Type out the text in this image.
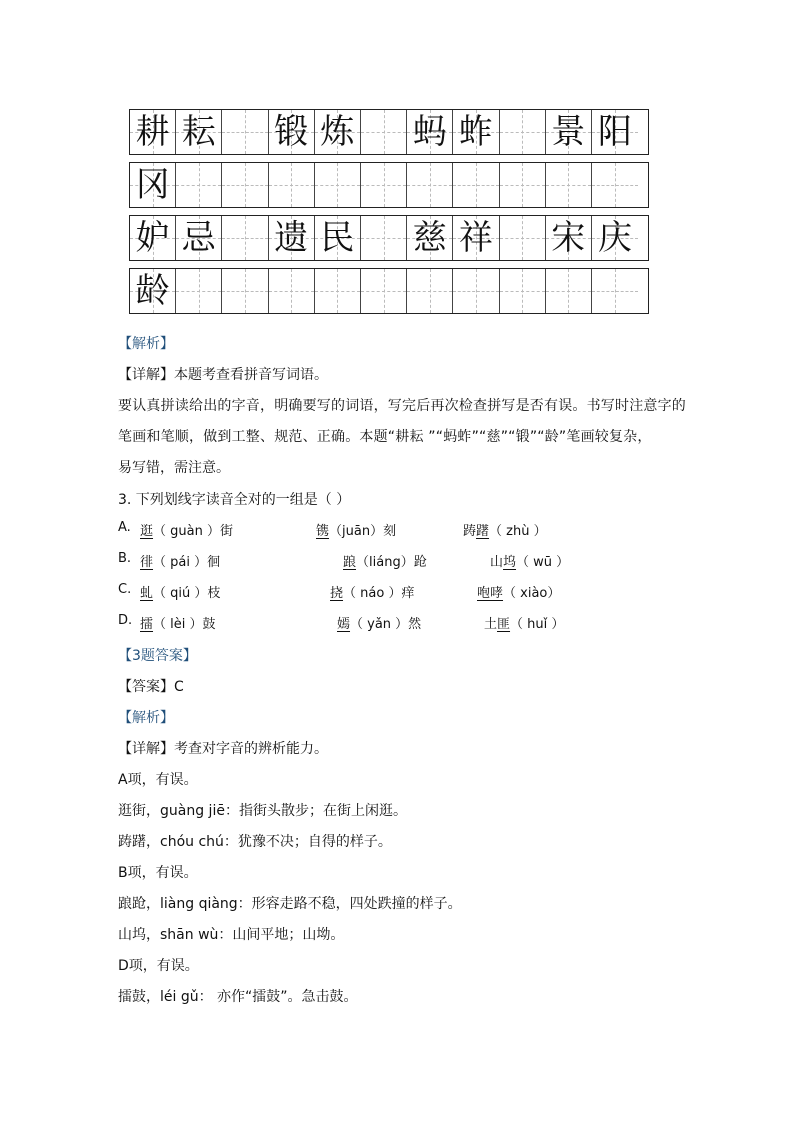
耕 耘 锻 炼 蚂 蚱 景 阳
冈
妒 忌 遗 民 慈 祥 宋 庆
龄
【解析】
【详解】本题考查看拼音写词语。
要认真拼读给出的字音，明确要写的词语，写完后再次检查拼写是否有误。书写时注意字的
笔画和笔顺，做到工整、规范、正确。本题“耕耘 ”“蚂蚱”“慈”“锻”“龄”笔画较复杂，
易写错，需注意。
3. 下列划线字读音全对的一组是（ ）
A. 逛（ guàn ）街	镌（juān）刻	踌躇（ zhù ）
B. 徘（ pái ）徊	踉（liáng）跄	山坞（ wū ）
C. 虬（ qiú ）枝	挠（ náo ）痒	咆哮（ xiào）
D. 擂（ lèi ）鼓	嫣（ yǎn ）然	土匪（ huǐ ）
【3题答案】
【答案】C
【解析】
【详解】考查对字音的辨析能力。
A项，有误。
逛街，guàng jiē：指街头散步；在街上闲逛。
踌躇，chóu chú：犹豫不决；自得的样子。
B项，有误。
踉跄，liàng qiàng：形容走路不稳，四处跌撞的样子。
山坞，shān wù：山间平地；山坳。
D项，有误。
擂鼓，léi gǔ： 亦作“擂鼓”。急击鼓。
